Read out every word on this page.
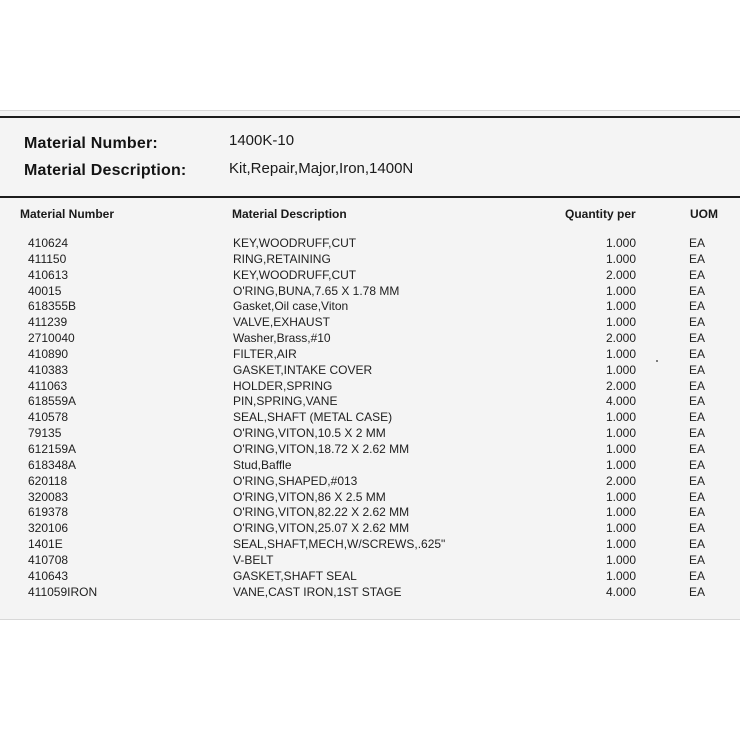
Material Number:	1400K-10
Material Description:	Kit,Repair,Major,Iron,1400N
Material Number	Material Description	Quantity per	UOM
410624	KEY,WOODRUFF,CUT	1.000	EA
411150	RING,RETAINING	1.000	EA
410613	KEY,WOODRUFF,CUT	2.000	EA
40015	O'RING,BUNA,7.65 X 1.78 MM	1.000	EA
618355B	Gasket,Oil case,Viton	1.000	EA
411239	VALVE,EXHAUST	1.000	EA
2710040	Washer,Brass,#10	2.000	EA
410890	FILTER,AIR	1.000	EA
410383	GASKET,INTAKE COVER	1.000	EA
411063	HOLDER,SPRING	2.000	EA
618559A	PIN,SPRING,VANE	4.000	EA
410578	SEAL,SHAFT (METAL CASE)	1.000	EA
79135	O'RING,VITON,10.5 X 2 MM	1.000	EA
612159A	O'RING,VITON,18.72 X 2.62 MM	1.000	EA
618348A	Stud,Baffle	1.000	EA
620118	O'RING,SHAPED,#013	2.000	EA
320083	O'RING,VITON,86 X 2.5 MM	1.000	EA
619378	O'RING,VITON,82.22 X 2.62 MM	1.000	EA
320106	O'RING,VITON,25.07 X 2.62 MM	1.000	EA
1401E	SEAL,SHAFT,MECH,W/SCREWS,.625"	1.000	EA
410708	V-BELT	1.000	EA
410643	GASKET,SHAFT SEAL	1.000	EA
411059IRON	VANE,CAST IRON,1ST STAGE	4.000	EA
